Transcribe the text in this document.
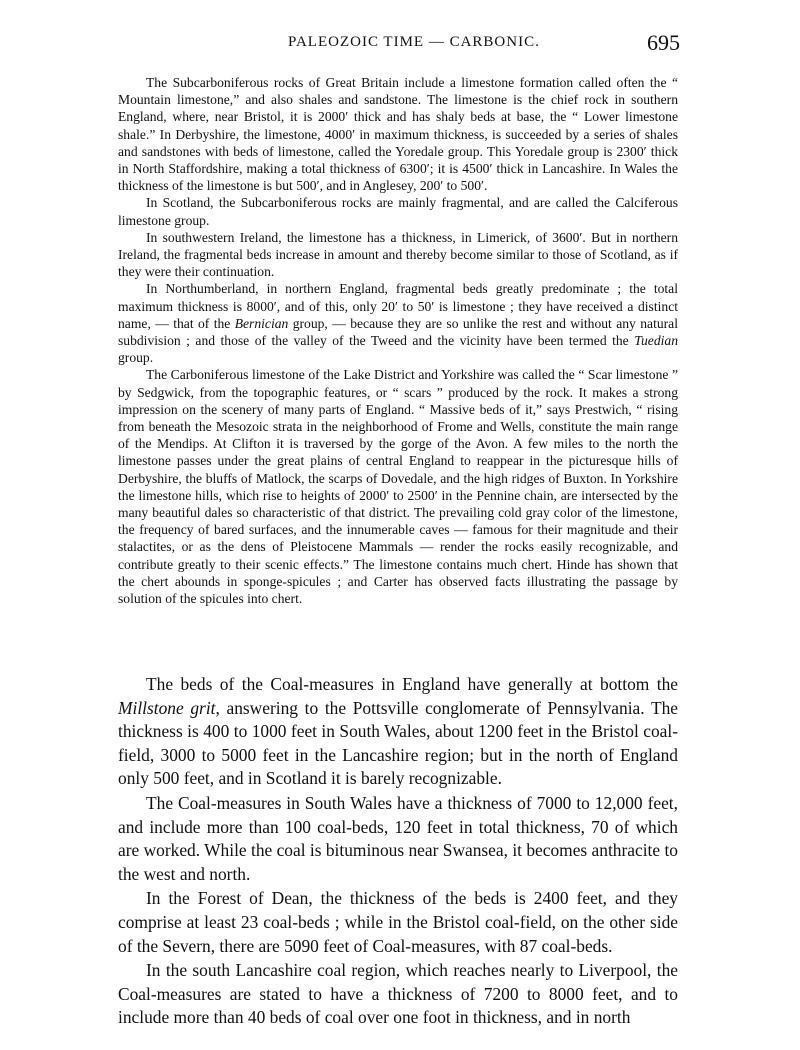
PALEOZOIC TIME — CARBONIC.	695

The Subcarboniferous rocks of Great Britain include a limestone formation called often the “ Mountain limestone,” and also shales and sandstone. The limestone is the chief rock in southern England, where, near Bristol, it is 2000′ thick and has shaly beds at base, the “ Lower limestone shale.” In Derbyshire, the limestone, 4000′ in maximum thickness, is succeeded by a series of shales and sandstones with beds of limestone, called the Yoredale group. This Yoredale group is 2300′ thick in North Staffordshire, making a total thickness of 6300′; it is 4500′ thick in Lancashire. In Wales the thickness of the limestone is but 500′, and in Anglesey, 200′ to 500′.

In Scotland, the Subcarboniferous rocks are mainly fragmental, and are called the Calciferous limestone group.

In southwestern Ireland, the limestone has a thickness, in Limerick, of 3600′. But in northern Ireland, the fragmental beds increase in amount and thereby become similar to those of Scotland, as if they were their continuation.

In Northumberland, in northern England, fragmental beds greatly predominate ; the total maximum thickness is 8000′, and of this, only 20′ to 50′ is limestone ; they have received a distinct name, — that of the Bernician group, — because they are so unlike the rest and without any natural subdivision ; and those of the valley of the Tweed and the vicinity have been termed the Tuedian group.

The Carboniferous limestone of the Lake District and Yorkshire was called the “ Scar limestone ” by Sedgwick, from the topographic features, or “ scars ” produced by the rock. It makes a strong impression on the scenery of many parts of England. “ Massive beds of it,” says Prestwich, “ rising from beneath the Mesozoic strata in the neighborhood of Frome and Wells, constitute the main range of the Mendips. At Clifton it is traversed by the gorge of the Avon. A few miles to the north the limestone passes under the great plains of central England to reappear in the picturesque hills of Derbyshire, the bluffs of Matlock, the scarps of Dovedale, and the high ridges of Buxton. In Yorkshire the limestone hills, which rise to heights of 2000′ to 2500′ in the Pennine chain, are intersected by the many beautiful dales so characteristic of that district. The prevailing cold gray color of the limestone, the frequency of bared surfaces, and the innumerable caves — famous for their magnitude and their stalactites, or as the dens of Pleistocene Mammals — render the rocks easily recognizable, and contribute greatly to their scenic effects.” The limestone contains much chert. Hinde has shown that the chert abounds in sponge-spicules ; and Carter has observed facts illustrating the passage by solution of the spicules into chert.

The beds of the Coal-measures in England have generally at bottom the Millstone grit, answering to the Pottsville conglomerate of Pennsylvania. The thickness is 400 to 1000 feet in South Wales, about 1200 feet in the Bristol coal-field, 3000 to 5000 feet in the Lancashire region; but in the north of England only 500 feet, and in Scotland it is barely recognizable.

The Coal-measures in South Wales have a thickness of 7000 to 12,000 feet, and include more than 100 coal-beds, 120 feet in total thickness, 70 of which are worked. While the coal is bituminous near Swansea, it becomes anthracite to the west and north.

In the Forest of Dean, the thickness of the beds is 2400 feet, and they comprise at least 23 coal-beds ; while in the Bristol coal-field, on the other side of the Severn, there are 5090 feet of Coal-measures, with 87 coal-beds.

In the south Lancashire coal region, which reaches nearly to Liverpool, the Coal-measures are stated to have a thickness of 7200 to 8000 feet, and to include more than 40 beds of coal over one foot in thickness, and in north
